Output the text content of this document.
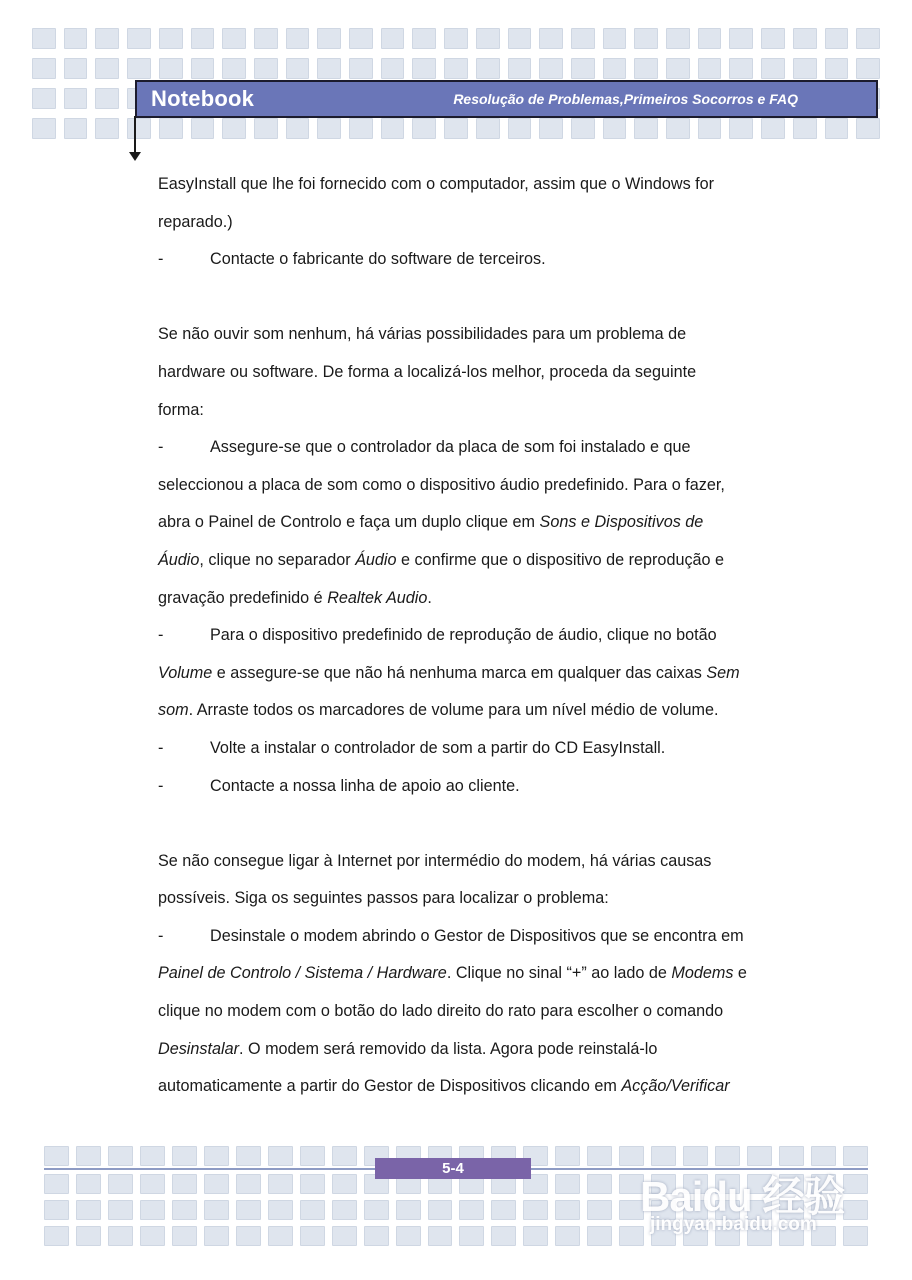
Notebook	Resolução de Problemas,Primeiros Socorros e FAQ
EasyInstall que lhe foi fornecido com o computador, assim que o Windows for
reparado.)
-	Contacte o fabricante do software de terceiros.
Se não ouvir som nenhum, há várias possibilidades para um problema de
hardware ou software. De forma a localizá-los melhor, proceda da seguinte
forma:
-	Assegure-se que o controlador da placa de som foi instalado e que
seleccionou a placa de som como o dispositivo áudio predefinido. Para o fazer,
abra o Painel de Controlo e faça um duplo clique em Sons e Dispositivos de
Áudio, clique no separador Áudio e confirme que o dispositivo de reprodução e
gravação predefinido é Realtek Audio.
-	Para o dispositivo predefinido de reprodução de áudio, clique no botão
Volume e assegure-se que não há nenhuma marca em qualquer das caixas Sem
som. Arraste todos os marcadores de volume para um nível médio de volume.
-	Volte a instalar o controlador de som a partir do CD EasyInstall.
-	Contacte a nossa linha de apoio ao cliente.
Se não consegue ligar à Internet por intermédio do modem, há várias causas
possíveis. Siga os seguintes passos para localizar o problema:
-	Desinstale o modem abrindo o Gestor de Dispositivos que se encontra em
Painel de Controlo / Sistema / Hardware. Clique no sinal “+” ao lado de Modems e
clique no modem com o botão do lado direito do rato para escolher o comando
Desinstalar. O modem será removido da lista. Agora pode reinstalá-lo
automaticamente a partir do Gestor de Dispositivos clicando em Acção/Verificar
5-4
Baidu 经验
jingyan.baidu.com
